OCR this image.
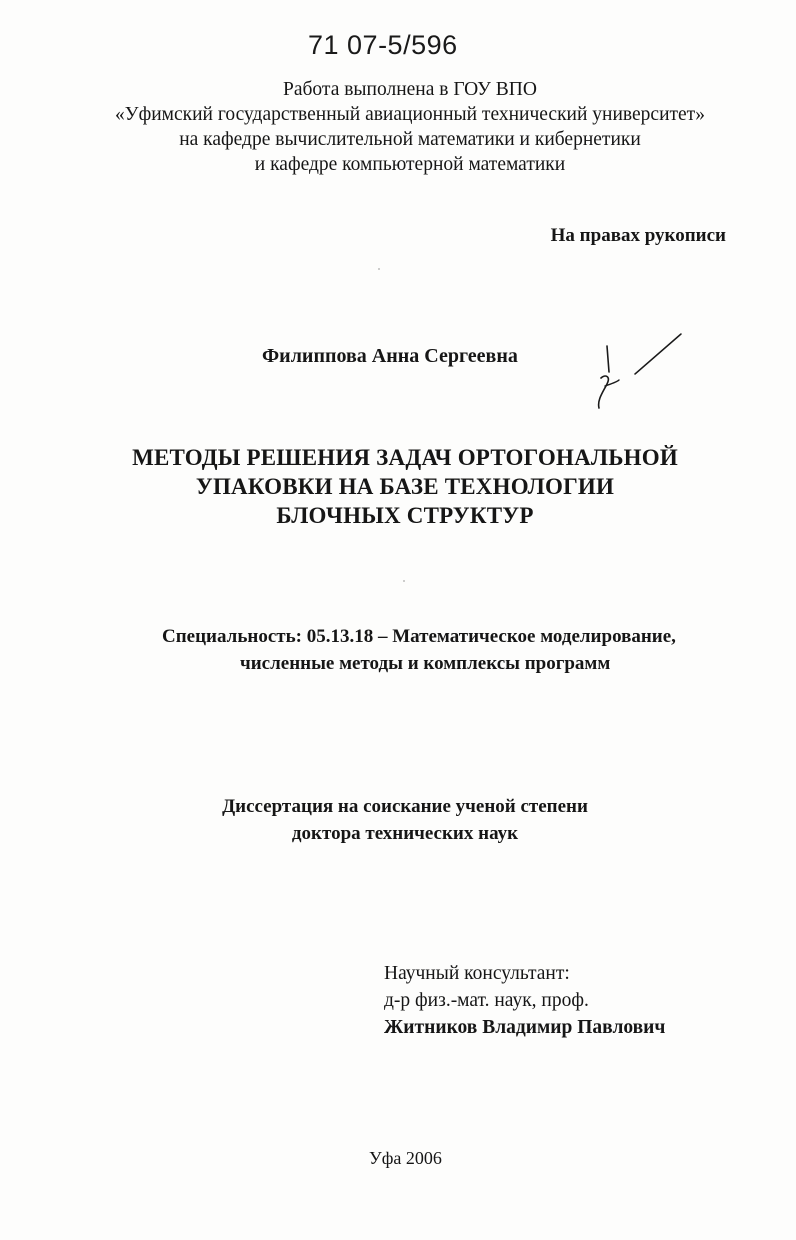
71 07-5/596
Работа выполнена в ГОУ ВПО
«Уфимский государственный авиационный технический университет»
на кафедре вычислительной математики и кибернетики
и кафедре компьютерной математики
На правах рукописи
Филиппова Анна Сергеевна
МЕТОДЫ РЕШЕНИЯ ЗАДАЧ ОРТОГОНАЛЬНОЙ
УПАКОВКИ НА БАЗЕ ТЕХНОЛОГИИ
БЛОЧНЫХ СТРУКТУР
Специальность: 05.13.18 – Математическое моделирование,
численные методы и комплексы программ
Диссертация на соискание ученой степени
доктора технических наук
Научный консультант:
д-р физ.-мат. наук, проф.
Житников Владимир Павлович
Уфа 2006
